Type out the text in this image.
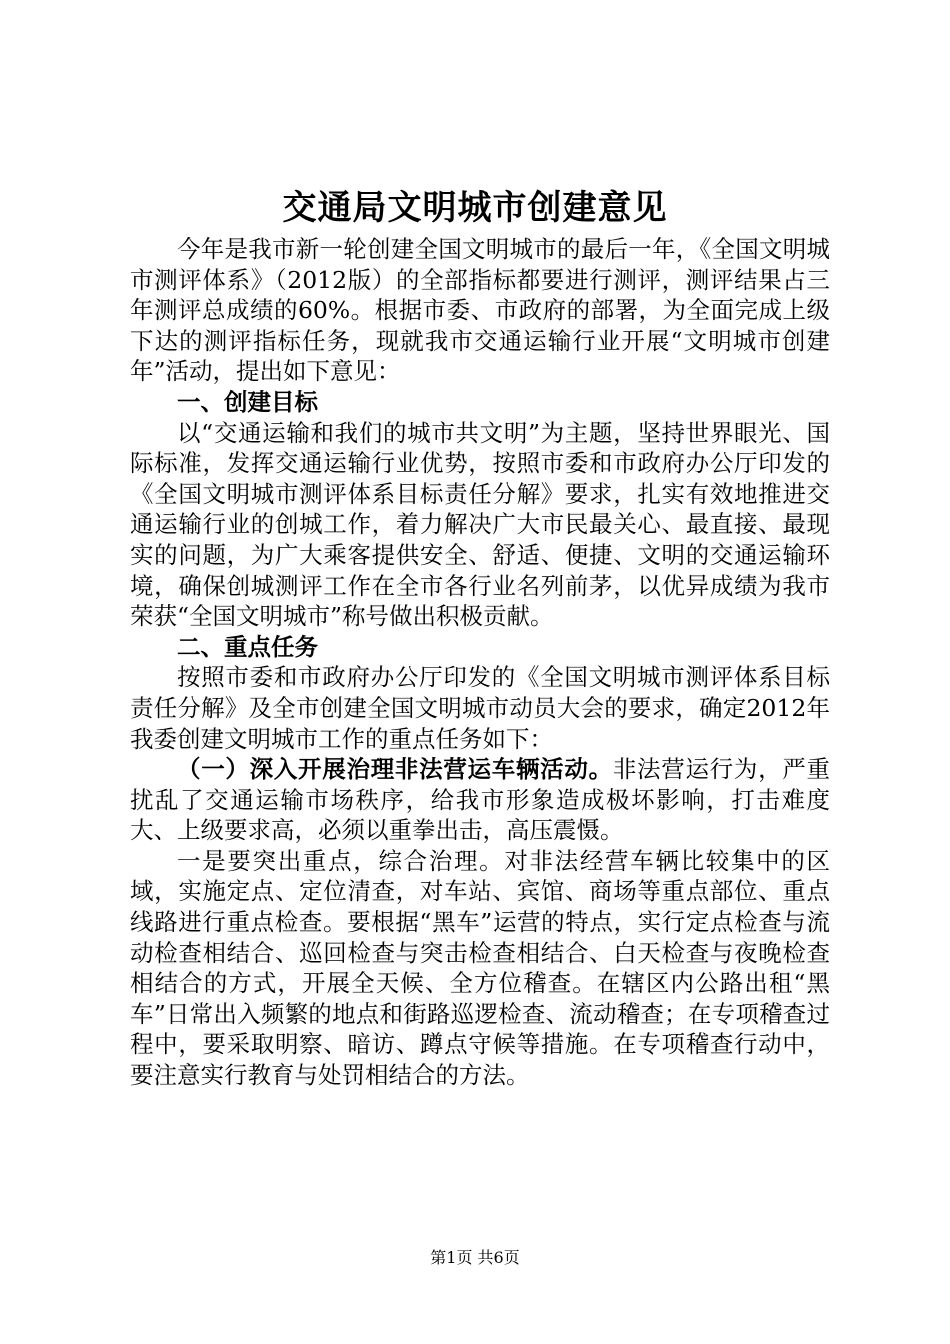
交通局文明城市创建意见

今年是我市新一轮创建全国文明城市的最后一年，《全国文明城市测评体系》（2012版）的全部指标都要进行测评，测评结果占三年测评总成绩的60%。根据市委、市政府的部署，为全面完成上级下达的测评指标任务，现就我市交通运输行业开展“文明城市创建年”活动，提出如下意见：

一、创建目标

以“交通运输和我们的城市共文明”为主题，坚持世界眼光、国际标准，发挥交通运输行业优势，按照市委和市政府办公厅印发的《全国文明城市测评体系目标责任分解》要求，扎实有效地推进交通运输行业的创城工作，着力解决广大市民最关心、最直接、最现实的问题，为广大乘客提供安全、舒适、便捷、文明的交通运输环境，确保创城测评工作在全市各行业名列前茅，以优异成绩为我市荣获“全国文明城市”称号做出积极贡献。

二、重点任务

按照市委和市政府办公厅印发的《全国文明城市测评体系目标责任分解》及全市创建全国文明城市动员大会的要求，确定2012年我委创建文明城市工作的重点任务如下：

（一）深入开展治理非法营运车辆活动。非法营运行为，严重扰乱了交通运输市场秩序，给我市形象造成极坏影响，打击难度大、上级要求高，必须以重拳出击，高压震慑。

一是要突出重点，综合治理。对非法经营车辆比较集中的区域，实施定点、定位清查，对车站、宾馆、商场等重点部位、重点线路进行重点检查。要根据“黑车”运营的特点，实行定点检查与流动检查相结合、巡回检查与突击检查相结合、白天检查与夜晚检查相结合的方式，开展全天候、全方位稽查。在辖区内公路出租“黑车”日常出入频繁的地点和街路巡逻检查、流动稽查；在专项稽查过程中，要采取明察、暗访、蹲点守候等措施。在专项稽查行动中，要注意实行教育与处罚相结合的方法。

第1页 共6页
